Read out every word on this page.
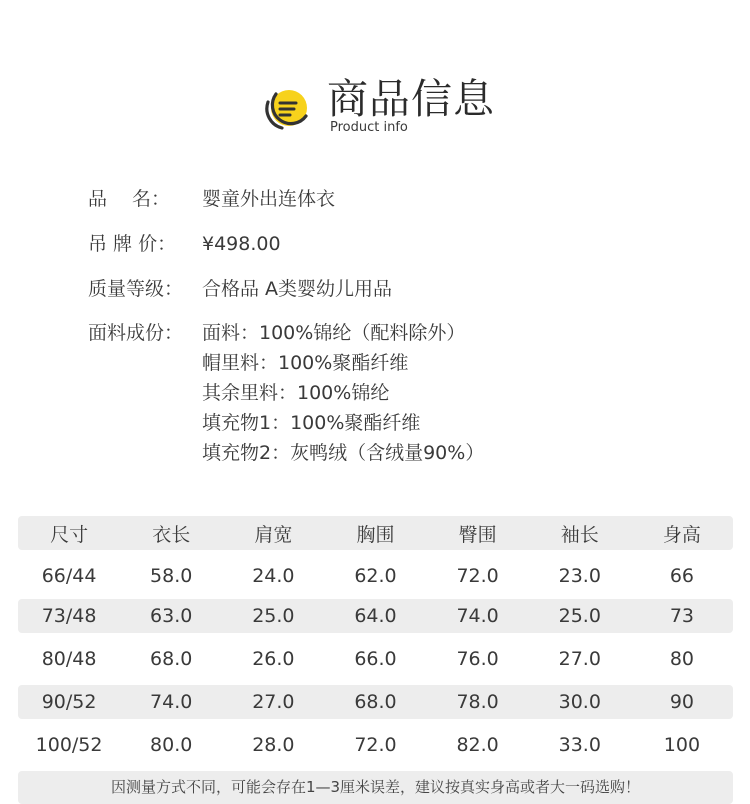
商品信息
Product info
品　 名：	婴童外出连体衣
吊 牌 价：	¥498.00
质量等级： 合格品 A类婴幼儿用品
面料成份： 面料：100%锦纶（配料除外）
帽里料：100%聚酯纤维
其余里料：100%锦纶
填充物1：100%聚酯纤维
填充物2：灰鸭绒（含绒量90%）
尺寸	衣长	肩宽	胸围	臀围	袖长	身高
66/44	58.0	24.0	62.0	72.0	23.0	66
73/48	63.0	25.0	64.0	74.0	25.0	73
80/48	68.0	26.0	66.0	76.0	27.0	80
90/52	74.0	27.0	68.0	78.0	30.0	90
100/52	80.0	28.0	72.0	82.0	33.0	100
因测量方式不同，可能会存在1—3厘米误差，建议按真实身高或者大一码选购！
